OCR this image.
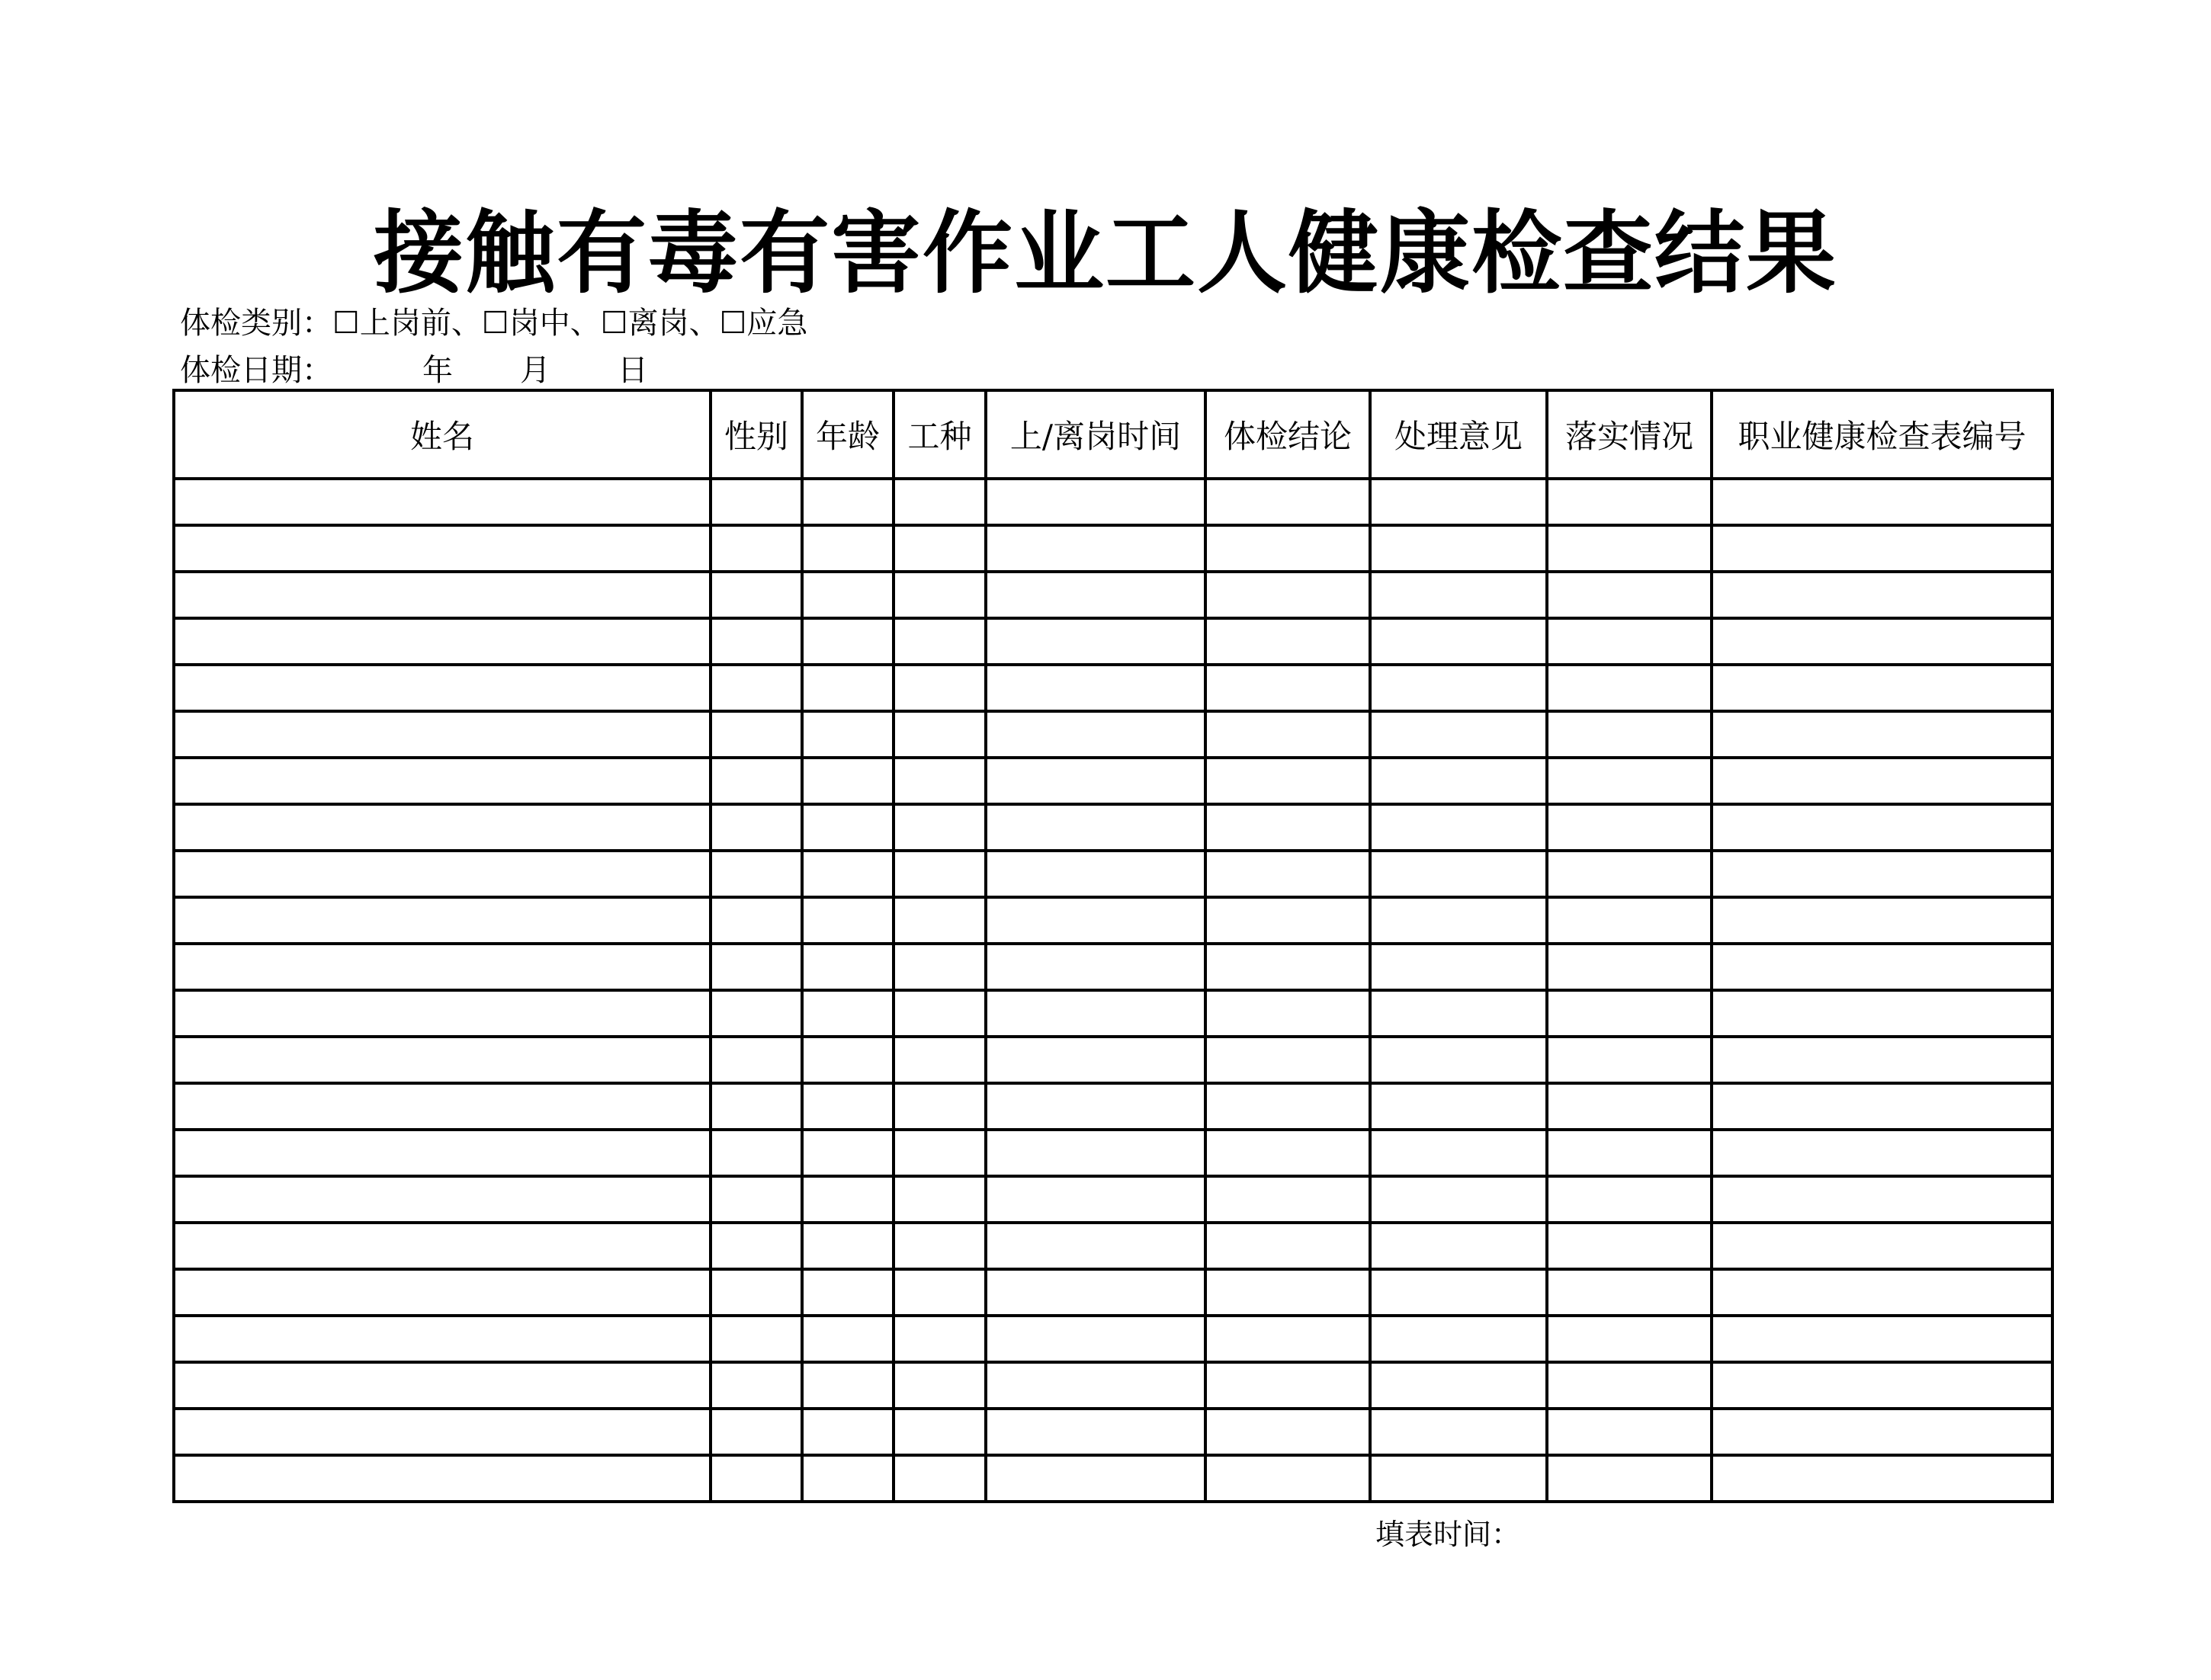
接触有毒有害作业工人健康检查结果
体检类别：☐上岗前、☐岗中、☐离岗、☐应急
体检日期：	年 月 日
姓名	性别	年龄	工种	上/离岗时间	体检结论	处理意见	落实情况	职业健康检查表编号

填表时间：
